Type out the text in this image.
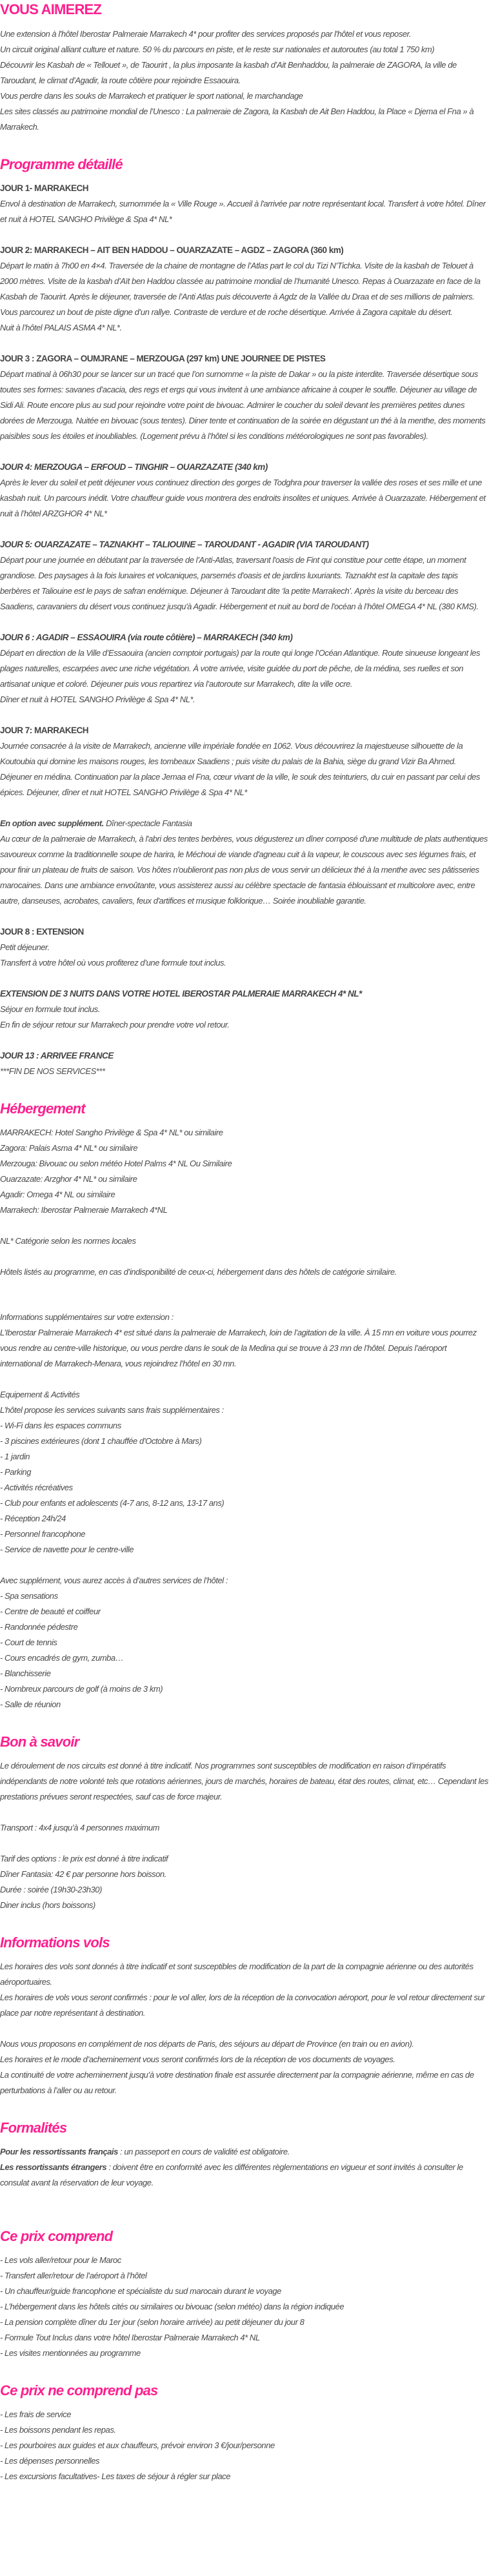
VOUS AIMEREZ
Une extension à l'hôtel Iberostar Palmeraie Marrakech 4* pour profiter des services proposés par l'hôtel et vous reposer.
Un circuit original alliant culture et nature. 50 % du parcours en piste, et le reste sur nationales et autoroutes (au total 1 750 km)
Découvrir les Kasbah de « Tellouet », de Taourirt , la plus imposante la kasbah d’Ait Benhaddou, la palmeraie de ZAGORA, la ville de Taroudant, le climat d’Agadir, la route côtière pour rejoindre Essaouira.
Vous perdre dans les souks de Marrakech et pratiquer le sport national, le marchandage
Les sites classés au patrimoine mondial de l’Unesco : La palmeraie de Zagora, la Kasbah de Ait Ben Haddou, la Place « Djema el Fna » à Marrakech.
Programme détaillé
JOUR 1- MARRAKECH
Envol à destination de Marrakech, surnommée la « Ville Rouge ». Accueil à l'arrivée par notre représentant local. Transfert à votre hôtel. Dîner et nuit à HOTEL SANGHO Privilège & Spa 4* NL*
JOUR 2: MARRAKECH – AIT BEN HADDOU – OUARZAZATE – AGDZ – ZAGORA (360 km)
Départ le matin à 7h00 en 4×4. Traversée de la chaine de montagne de l’Atlas part le col du Tizi N’Tichka. Visite de la kasbah de Telouet à 2000 mètres. Visite de la kasbah d’Aït ben Haddou classée au patrimoine mondial de l’humanité Unesco. Repas à Ouarzazate en face de la Kasbah de Taourirt. Après le déjeuner, traversée de l’Anti Atlas puis découverte à Agdz de la Vallée du Draa et de ses millions de palmiers. Vous parcourez un bout de piste digne d’un rallye. Contraste de verdure et de roche désertique. Arrivée à Zagora capitale du désert.
Nuit à l’hôtel PALAIS ASMA 4* NL*.
JOUR 3 : ZAGORA – OUMJRANE – MERZOUGA (297 km) UNE JOURNEE DE PISTES
Départ matinal à 06h30 pour se lancer sur un tracé que l’on surnomme « la piste de Dakar » ou la piste interdite. Traversée désertique sous toutes ses formes: savanes d’acacia, des regs et ergs qui vous invitent à une ambiance africaine à couper le souffle. Déjeuner au village de Sidi Ali. Route encore plus au sud pour rejoindre votre point de bivouac. Admirer le coucher du soleil devant les premières petites dunes dorées de Merzouga. Nuitée en bivouac (sous tentes). Diner tente et continuation de la soirée en dégustant un thé à la menthe, des moments paisibles sous les étoiles et inoubliables. (Logement prévu à l’hôtel si les conditions météorologiques ne sont pas favorables).
JOUR 4: MERZOUGA – ERFOUD – TINGHIR – OUARZAZATE (340 km)
Après le lever du soleil et petit déjeuner vous continuez direction des gorges de Todghra pour traverser la vallée des roses et ses mille et une kasbah nuit. Un parcours inédit. Votre chauffeur guide vous montrera des endroits insolites et uniques. Arrivée à Ouarzazate. Hébergement et nuit à l’hôtel ARZGHOR 4* NL*
JOUR 5: OUARZAZATE – TAZNAKHT – TALIOUINE – TAROUDANT - AGADIR (VIA TAROUDANT)
Départ pour une journée en débutant par la traversée de l’Anti-Atlas, traversant l'oasis de Fint qui constitue pour cette étape, un moment grandiose. Des paysages à la fois lunaires et volcaniques, parsemés d'oasis et de jardins luxuriants. Taznakht est la capitale des tapis berbères et Taliouine est le pays de safran endémique. Déjeuner à Taroudant dite ‘la petite Marrakech’. Après la visite du berceau des Saadiens, caravaniers du désert vous continuez jusqu'à Agadir. Hébergement et nuit au bord de l'océan à l’hôtel OMEGA 4* NL (380 KMS).
JOUR 6 : AGADIR – ESSAOUIRA (via route côtière) – MARRAKECH (340 km)
Départ en direction de la Ville d’Essaouira (ancien comptoir portugais) par la route qui longe l’Océan Atlantique. Route sinueuse longeant les plages naturelles, escarpées avec une riche végétation. À votre arrivée, visite guidée du port de pêche, de la médina, ses ruelles et son artisanat unique et coloré. Déjeuner puis vous repartirez via l’autoroute sur Marrakech, dite la ville ocre.
Dîner et nuit à HOTEL SANGHO Privilège & Spa 4* NL*.
JOUR 7: MARRAKECH
Journée consacrée à la visite de Marrakech, ancienne ville impériale fondée en 1062. Vous découvrirez la majestueuse silhouette de la Koutoubia qui domine les maisons rouges, les tombeaux Saadiens ; puis visite du palais de la Bahia, siège du grand Vizir Ba Ahmed. Déjeuner en médina. Continuation par la place Jemaa el Fna, cœur vivant de la ville, le souk des teinturiers, du cuir en passant par celui des épices. Déjeuner, dîner et nuit HOTEL SANGHO Privilège & Spa 4* NL*
En option avec supplément. Dîner-spectacle Fantasia
Au cœur de la palmeraie de Marrakech, à l'abri des tentes berbères, vous dégusterez un dîner composé d'une multitude de plats authentiques savoureux comme la traditionnelle soupe de harira, le Méchoui de viande d'agneau cuit à la vapeur, le couscous avec ses légumes frais, et pour finir un plateau de fruits de saison. Vos hôtes n'oublieront pas non plus de vous servir un délicieux thé à la menthe avec ses pâtisseries marocaines. Dans une ambiance envoûtante, vous assisterez aussi au célèbre spectacle de fantasia éblouissant et multicolore avec, entre autre, danseuses, acrobates, cavaliers, feux d'artifices et musique folklorique… Soirée inoubliable garantie.
JOUR 8 : EXTENSION
Petit déjeuner.
Transfert à votre hôtel où vous profiterez d’une formule tout inclus.
EXTENSION DE 3 NUITS DANS VOTRE HOTEL IBEROSTAR PALMERAIE MARRAKECH 4* NL*
Séjour en formule tout inclus.
En fin de séjour retour sur Marrakech pour prendre votre vol retour.
JOUR 13 : ARRIVEE FRANCE
***FIN DE NOS SERVICES***
Hébergement
MARRAKECH: Hotel Sangho Privilège & Spa 4* NL* ou similaire
Zagora: Palais Asma 4* NL* ou similaire
Merzouga: Bivouac ou selon météo Hotel Palms 4* NL Ou Similaire
Ouarzazate: Arzghor 4* NL* ou similaire
Agadir: Omega 4* NL ou similaire
Marrakech: Iberostar Palmeraie Marrakech 4*NL
NL* Catégorie selon les normes locales
Hôtels listés au programme, en cas d’indisponibilité de ceux-ci, hébergement dans des hôtels de catégorie similaire.
Informations supplémentaires sur votre extension :
L’Iberostar Palmeraie Marrakech 4* est situé dans la palmeraie de Marrakech, loin de l’agitation de la ville. À 15 mn en voiture vous pourrez vous rendre au centre-ville historique, ou vous perdre dans le souk de la Medina qui se trouve à 23 mn de l’hôtel. Depuis l’aéroport international de Marrakech-Menara, vous rejoindrez l’hôtel en 30 mn.
Equipement & Activités
L’hôtel propose les services suivants sans frais supplémentaires :
- Wi-Fi dans les espaces communs
- 3 piscines extérieures (dont 1 chauffée d’Octobre à Mars)
- 1 jardin
- Parking
- Activités récréatives
- Club pour enfants et adolescents (4-7 ans, 8-12 ans, 13-17 ans)
- Réception 24h/24
- Personnel francophone
- Service de navette pour le centre-ville
Avec supplément, vous aurez accès à d’autres services de l’hôtel :
- Spa sensations
- Centre de beauté et coiffeur
- Randonnée pédestre
- Court de tennis
- Cours encadrés de gym, zumba…
- Blanchisserie
- Nombreux parcours de golf (à moins de 3 km)
- Salle de réunion
Bon à savoir
Le déroulement de nos circuits est donné à titre indicatif. Nos programmes sont susceptibles de modification en raison d’impératifs indépendants de notre volonté tels que rotations aériennes, jours de marchés, horaires de bateau, état des routes, climat, etc… Cependant les prestations prévues seront respectées, sauf cas de force majeur.
Transport : 4x4 jusqu’à 4 personnes maximum
Tarif des options : le prix est donné à titre indicatif
Dîner Fantasia: 42 € par personne hors boisson.
Durée : soirée (19h30-23h30)
Diner inclus (hors boissons)
Informations vols
Les horaires des vols sont donnés à titre indicatif et sont susceptibles de modification de la part de la compagnie aérienne ou des autorités aéroportuaires.
Les horaires de vols vous seront confirmés : pour le vol aller, lors de la réception de la convocation aéroport, pour le vol retour directement sur place par notre représentant à destination.
Nous vous proposons en complément de nos départs de Paris, des séjours au départ de Province (en train ou en avion).
Les horaires et le mode d’acheminement vous seront confirmés lors de la réception de vos documents de voyages.
La continuité de votre acheminement jusqu’à votre destination finale est assurée directement par la compagnie aérienne, même en cas de perturbations à l’aller ou au retour.
Formalités
Pour les ressortissants français : un passeport en cours de validité est obligatoire.
Les ressortissants étrangers : doivent être en conformité avec les différentes règlementations en vigueur et sont invités à consulter le consulat avant la réservation de leur voyage.
Ce prix comprend
- Les vols aller/retour pour le Maroc
- Transfert aller/retour de l’aéroport à l’hôtel
- Un chauffeur/guide francophone et spécialiste du sud marocain durant le voyage
- L’hébergement dans les hôtels cités ou similaires ou bivouac (selon météo) dans la région indiquée
- La pension complète dîner du 1er jour (selon horaire arrivée) au petit déjeuner du jour 8
- Formule Tout Inclus dans votre hôtel Iberostar Palmeraie Marrakech 4* NL
- Les visites mentionnées au programme
Ce prix ne comprend pas
- Les frais de service
- Les boissons pendant les repas.
- Les pourboires aux guides et aux chauffeurs, prévoir environ 3 €/jour/personne
- Les dépenses personnelles
- Les excursions facultatives- Les taxes de séjour à régler sur place
